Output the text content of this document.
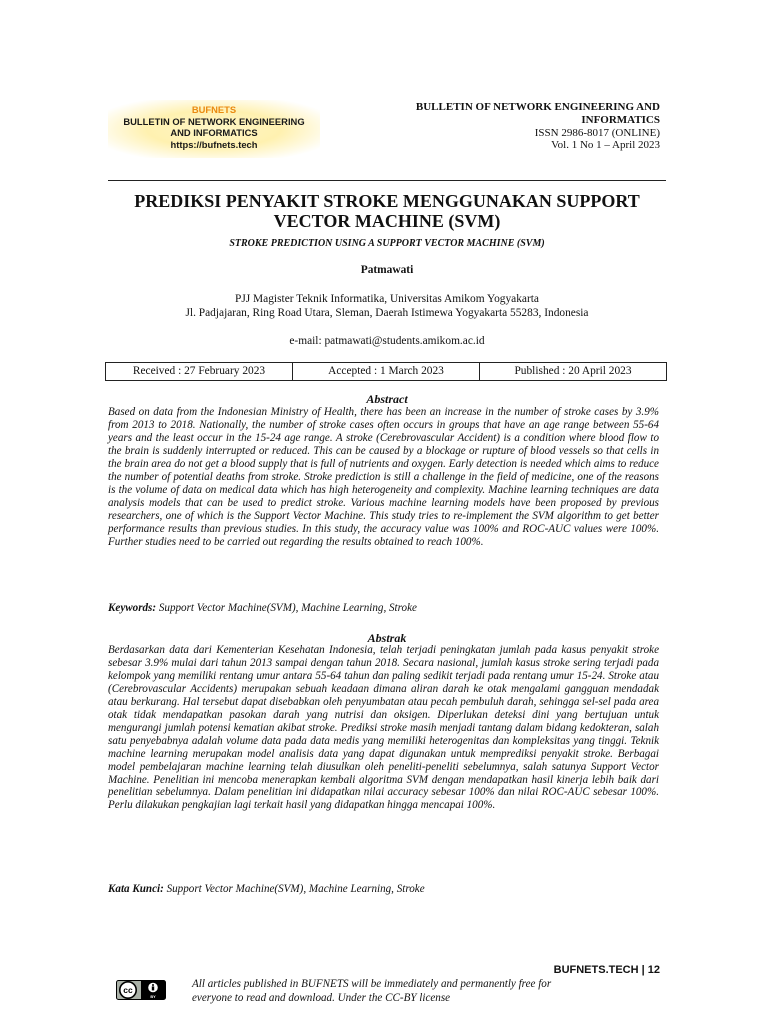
BUFNETS
BULLETIN OF NETWORK ENGINEERING
AND INFORMATICS
https://bufnets.tech
BULLETIN OF NETWORK ENGINEERING AND
INFORMATICS
ISSN 2986-8017 (ONLINE)
Vol. 1 No 1 – April 2023
PREDIKSI PENYAKIT STROKE MENGGUNAKAN SUPPORT
VECTOR MACHINE (SVM)
STROKE PREDICTION USING A SUPPORT VECTOR MACHINE (SVM)
Patmawati
PJJ Magister Teknik Informatika, Universitas Amikom Yogyakarta
Jl. Padjajaran, Ring Road Utara, Sleman, Daerah Istimewa Yogyakarta 55283, Indonesia
e-mail: patmawati@students.amikom.ac.id
Received : 27 February 2023	Accepted : 1 March 2023	Published : 20 April 2023
Abstract
Based on data from the Indonesian Ministry of Health, there has been an increase in the number of stroke cases by 3.9% from 2013 to 2018. Nationally, the number of stroke cases often occurs in groups that have an age range between 55-64 years and the least occur in the 15-24 age range. A stroke (Cerebrovascular Accident) is a condition where blood flow to the brain is suddenly interrupted or reduced. This can be caused by a blockage or rupture of blood vessels so that cells in the brain area do not get a blood supply that is full of nutrients and oxygen. Early detection is needed which aims to reduce the number of potential deaths from stroke. Stroke prediction is still a challenge in the field of medicine, one of the reasons is the volume of data on medical data which has high heterogeneity and complexity. Machine learning techniques are data analysis models that can be used to predict stroke. Various machine learning models have been proposed by previous researchers, one of which is the Support Vector Machine. This study tries to re-implement the SVM algorithm to get better performance results than previous studies. In this study, the accuracy value was 100% and ROC-AUC values were 100%. Further studies need to be carried out regarding the results obtained to reach 100%.
Keywords: Support Vector Machine(SVM), Machine Learning, Stroke
Abstrak
Berdasarkan data dari Kementerian Kesehatan Indonesia, telah terjadi peningkatan jumlah pada kasus penyakit stroke sebesar 3.9% mulai dari tahun 2013 sampai dengan tahun 2018. Secara nasional, jumlah kasus stroke sering terjadi pada kelompok yang memiliki rentang umur antara 55-64 tahun dan paling sedikit terjadi pada rentang umur 15-24. Stroke atau (Cerebrovascular Accidents) merupakan sebuah keadaan dimana aliran darah ke otak mengalami gangguan mendadak atau berkurang. Hal tersebut dapat disebabkan oleh penyumbatan atau pecah pembuluh darah, sehingga sel-sel pada area otak tidak mendapatkan pasokan darah yang nutrisi dan oksigen. Diperlukan deteksi dini yang bertujuan untuk mengurangi jumlah potensi kematian akibat stroke. Prediksi stroke masih menjadi tantang dalam bidang kedokteran, salah satu penyebabnya adalah volume data pada data medis yang memiliki heterogenitas dan kompleksitas yang tinggi. Teknik machine learning merupakan model analisis data yang dapat digunakan untuk memprediksi penyakit stroke. Berbagai model pembelajaran machine learning telah diusulkan oleh peneliti-peneliti sebelumnya, salah satunya Support Vector Machine. Penelitian ini mencoba menerapkan kembali algoritma SVM dengan mendapatkan hasil kinerja lebih baik dari penelitian sebelumnya. Dalam penelitian ini didapatkan nilai accuracy sebesar 100% dan nilai ROC-AUC sebesar 100%. Perlu dilakukan pengkajian lagi terkait hasil yang didapatkan hingga mencapai 100%.
Kata Kunci: Support Vector Machine(SVM), Machine Learning, Stroke
BUFNETS.TECH | 12
cc
BY
All articles published in BUFNETS will be immediately and permanently free for
everyone to read and download. Under the CC-BY license
